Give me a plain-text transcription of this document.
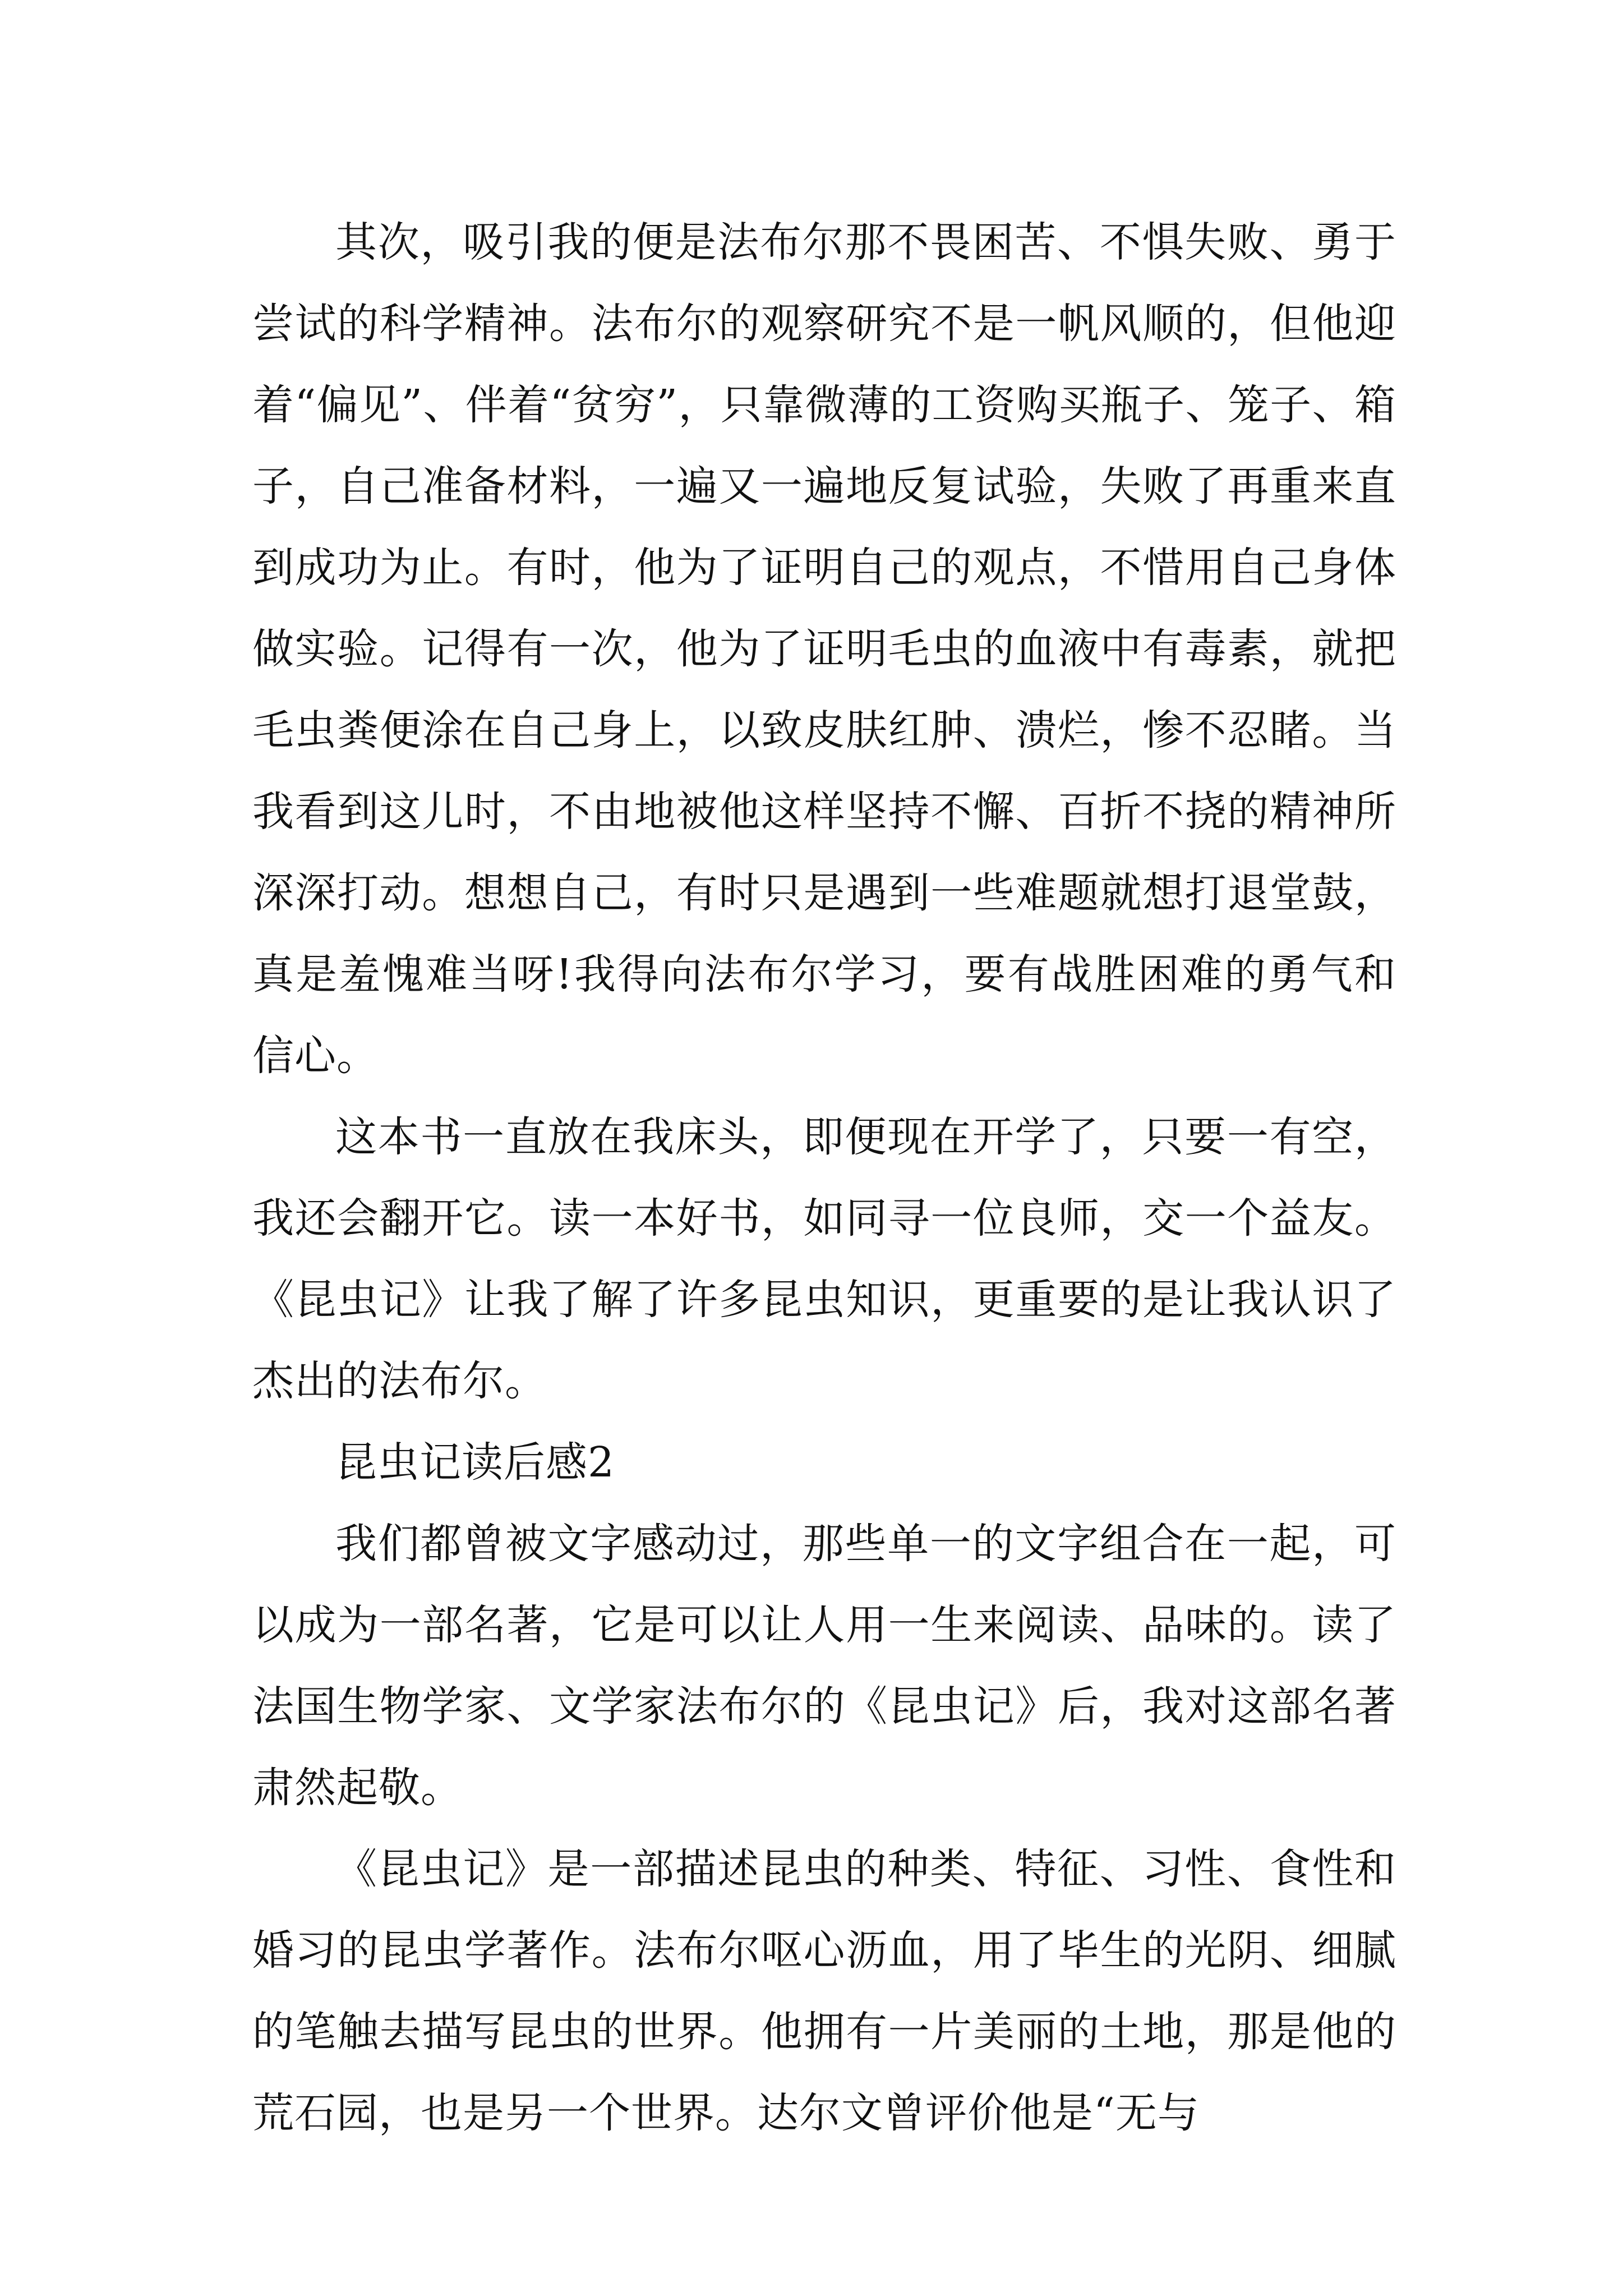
其次，吸引我的便是法布尔那不畏困苦、不惧失败、勇于尝试的科学精神。法布尔的观察研究不是一帆风顺的，但他迎着“偏见”、伴着“贫穷”，只靠微薄的工资购买瓶子、笼子、箱子，自己准备材料，一遍又一遍地反复试验，失败了再重来直到成功为止。有时，他为了证明自己的观点，不惜用自己身体做实验。记得有一次，他为了证明毛虫的血液中有毒素，就把毛虫粪便涂在自己身上，以致皮肤红肿、溃烂，惨不忍睹。当我看到这儿时，不由地被他这样坚持不懈、百折不挠的精神所深深打动。想想自己，有时只是遇到一些难题就想打退堂鼓，真是羞愧难当呀!我得向法布尔学习，要有战胜困难的勇气和信心。

这本书一直放在我床头，即便现在开学了，只要一有空，我还会翻开它。读一本好书，如同寻一位良师，交一个益友。《昆虫记》让我了解了许多昆虫知识，更重要的是让我认识了杰出的法布尔。

昆虫记读后感2

我们都曾被文字感动过，那些单一的文字组合在一起，可以成为一部名著，它是可以让人用一生来阅读、品味的。读了法国生物学家、文学家法布尔的《昆虫记》后，我对这部名著肃然起敬。

《昆虫记》是一部描述昆虫的种类、特征、习性、食性和婚习的昆虫学著作。法布尔呕心沥血，用了毕生的光阴、细腻的笔触去描写昆虫的世界。他拥有一片美丽的土地，那是他的荒石园，也是另一个世界。达尔文曾评价他是“无与
